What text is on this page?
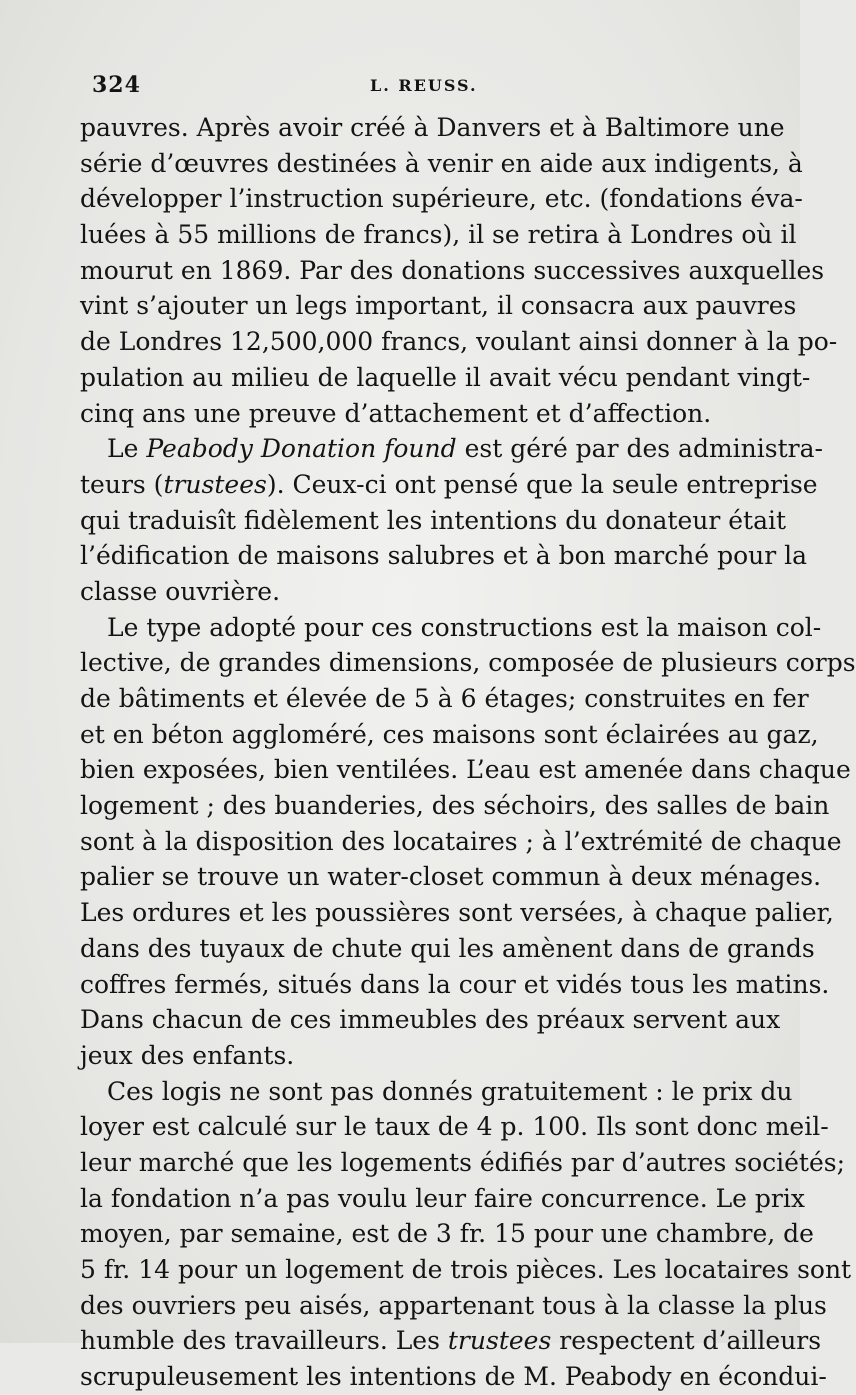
324	L. REUSS.
pauvres. Après avoir créé à Danvers et à Baltimore une
série d’œuvres destinées à venir en aide aux indigents, à
développer l’instruction supérieure, etc. (fondations éva-
luées à 55 millions de francs), il se retira à Londres où il
mourut en 1869. Par des donations successives auxquelles
vint s’ajouter un legs important, il consacra aux pauvres
de Londres 12,500,000 francs, voulant ainsi donner à la po-
pulation au milieu de laquelle il avait vécu pendant vingt-
cinq ans une preuve d’attachement et d’affection.
Le Peabody Donation found est géré par des administra-
teurs (trustees). Ceux-ci ont pensé que la seule entreprise
qui traduisît fidèlement les intentions du donateur était
l’édification de maisons salubres et à bon marché pour la
classe ouvrière.
Le type adopté pour ces constructions est la maison col-
lective, de grandes dimensions, composée de plusieurs corps
de bâtiments et élevée de 5 à 6 étages; construites en fer
et en béton aggloméré, ces maisons sont éclairées au gaz,
bien exposées, bien ventilées. L’eau est amenée dans chaque
logement ; des buanderies, des séchoirs, des salles de bain
sont à la disposition des locataires ; à l’extrémité de chaque
palier se trouve un water-closet commun à deux ménages.
Les ordures et les poussières sont versées, à chaque palier,
dans des tuyaux de chute qui les amènent dans de grands
coffres fermés, situés dans la cour et vidés tous les matins.
Dans chacun de ces immeubles des préaux servent aux
jeux des enfants.
Ces logis ne sont pas donnés gratuitement : le prix du
loyer est calculé sur le taux de 4 p. 100. Ils sont donc meil-
leur marché que les logements édifiés par d’autres sociétés;
la fondation n’a pas voulu leur faire concurrence. Le prix
moyen, par semaine, est de 3 fr. 15 pour une chambre, de
5 fr. 14 pour un logement de trois pièces. Les locataires sont
des ouvriers peu aisés, appartenant tous à la classe la plus
humble des travailleurs. Les trustees respectent d’ailleurs
scrupuleusement les intentions de M. Peabody en écondui-
